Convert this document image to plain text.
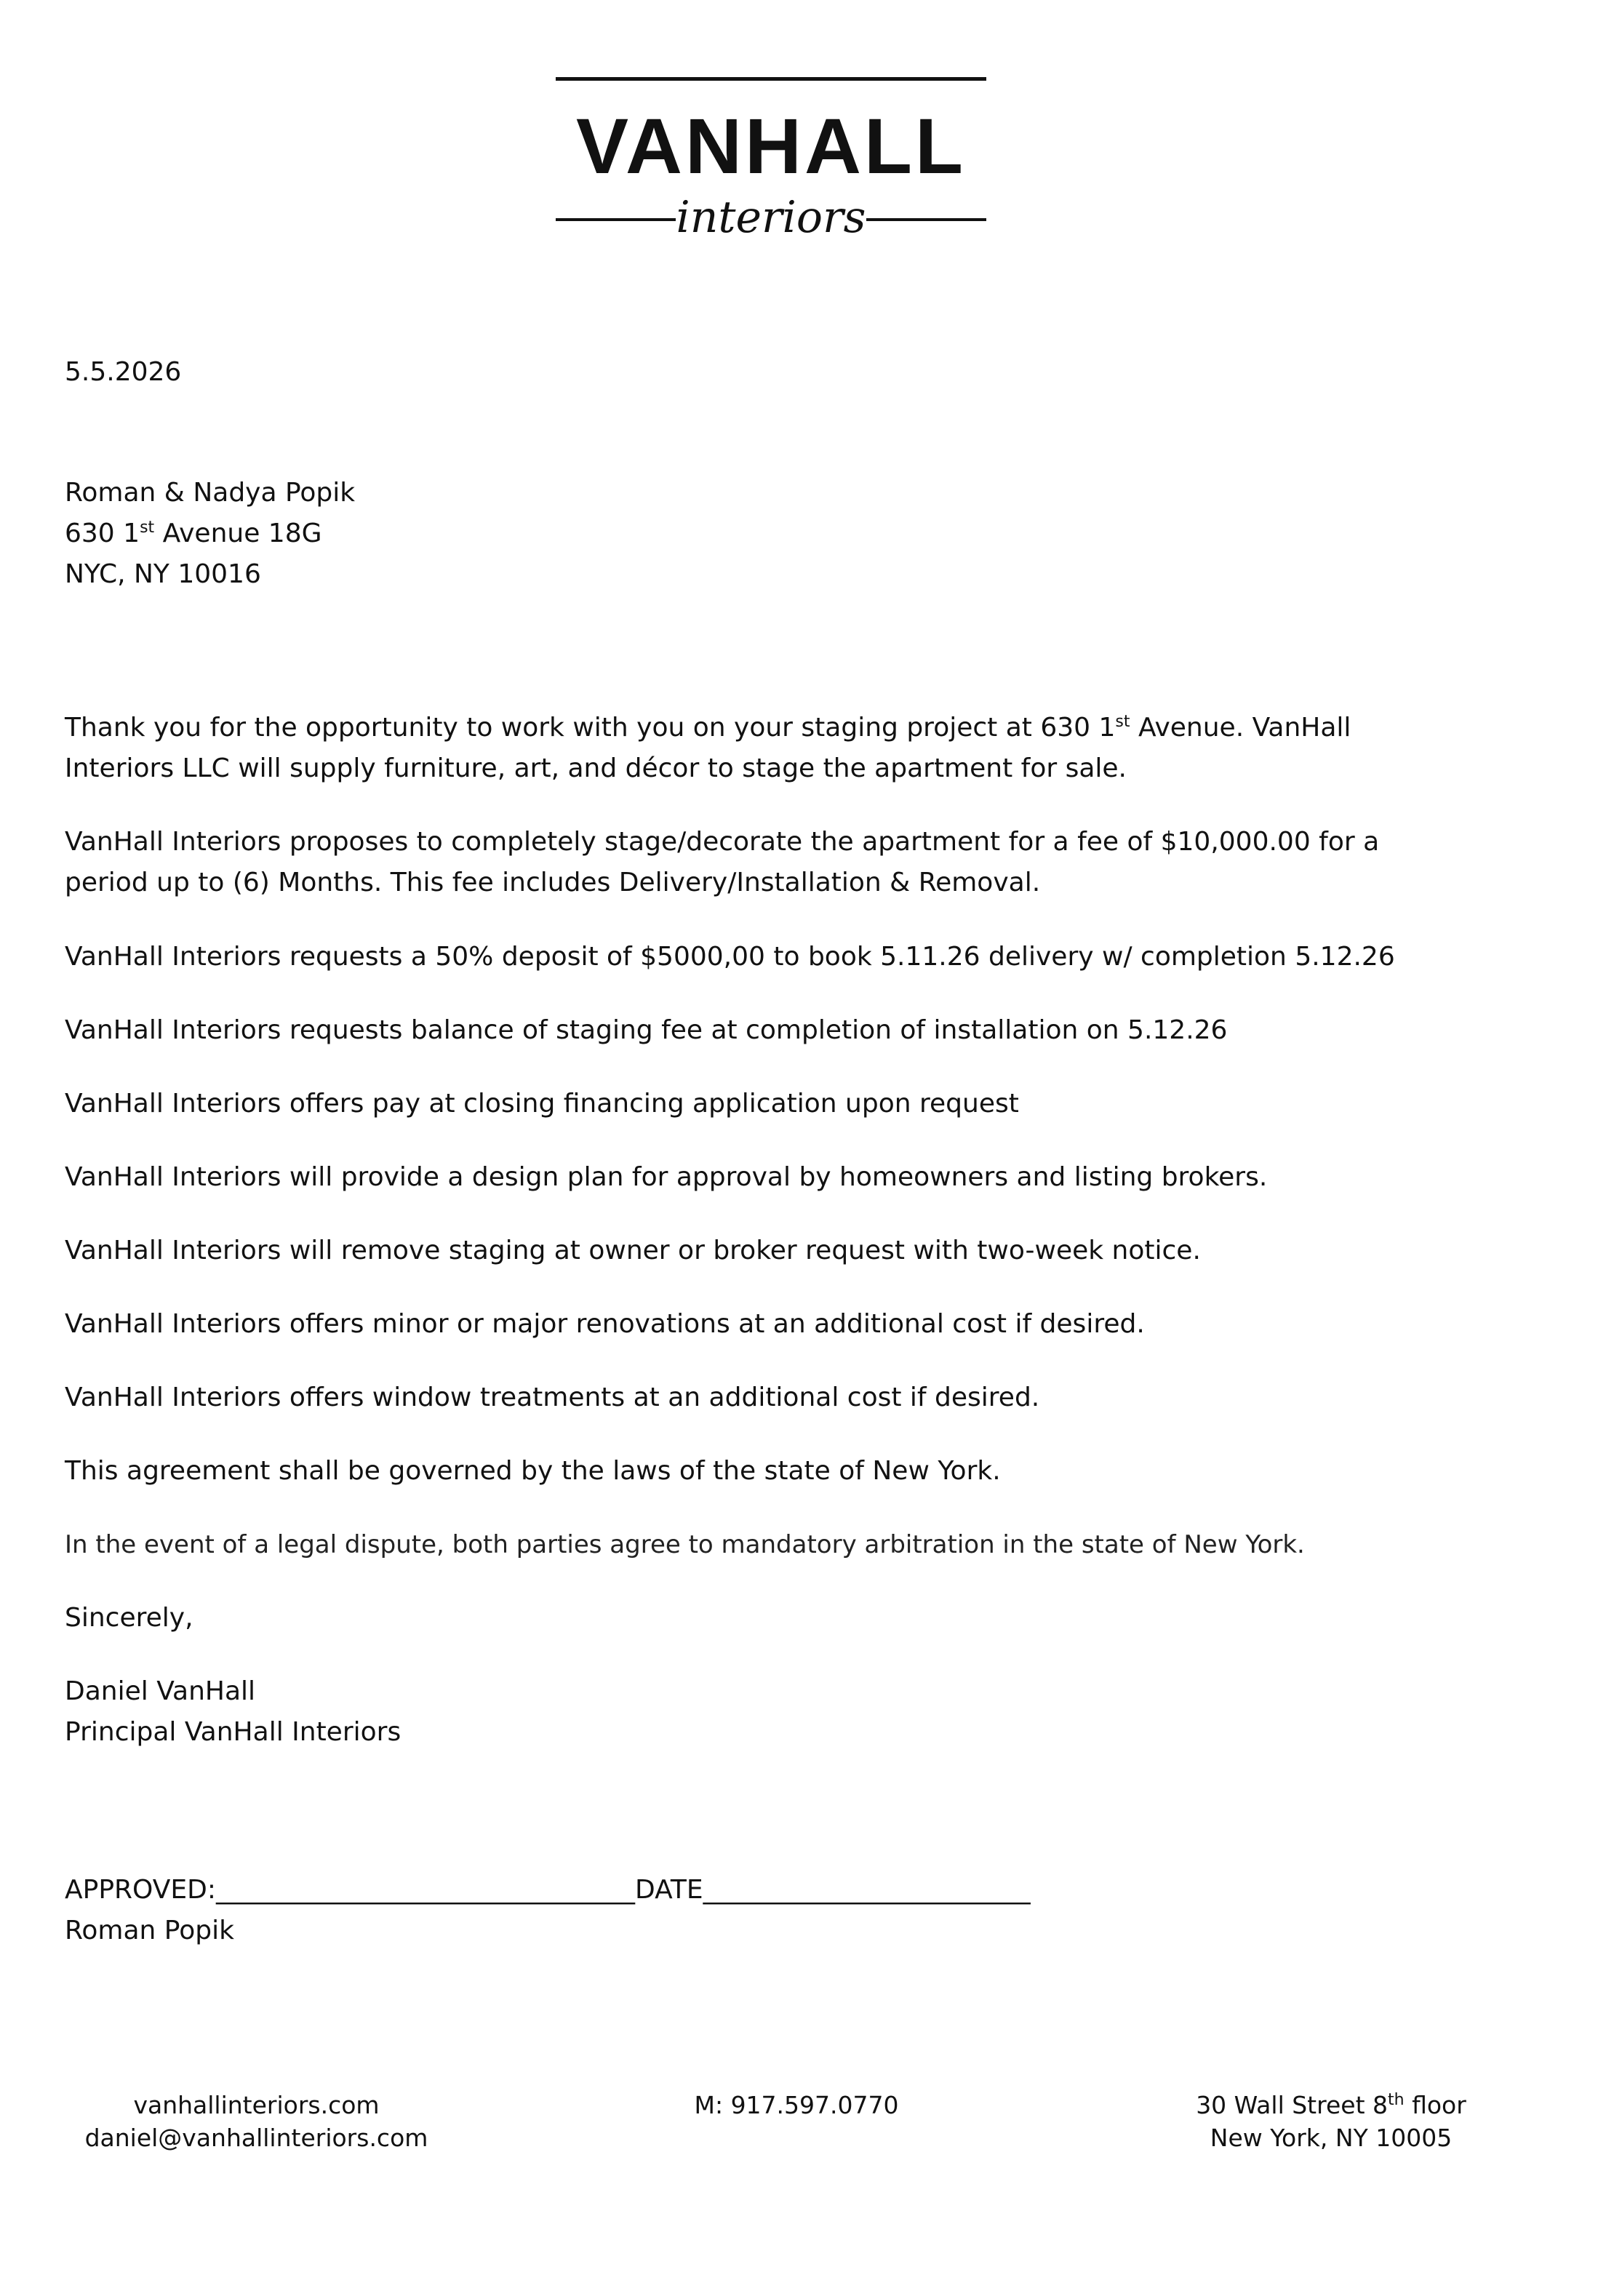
VANHALL
interiors

5.5.2026

Roman & Nadya Popik
630 1st Avenue 18G
NYC, NY 10016

Thank you for the opportunity to work with you on your staging project at 630 1st Avenue. VanHall
Interiors LLC will supply furniture, art, and décor to stage the apartment for sale.

VanHall Interiors proposes to completely stage/decorate the apartment for a fee of $10,000.00 for a
period up to (6) Months. This fee includes Delivery/Installation & Removal.

VanHall Interiors requests a 50% deposit of $5000,00 to book 5.11.26 delivery w/ completion 5.12.26

VanHall Interiors requests balance of staging fee at completion of installation on 5.12.26

VanHall Interiors offers pay at closing financing application upon request

VanHall Interiors will provide a design plan for approval by homeowners and listing brokers.

VanHall Interiors will remove staging at owner or broker request with two-week notice.

VanHall Interiors offers minor or major renovations at an additional cost if desired.

VanHall Interiors offers window treatments at an additional cost if desired.

This agreement shall be governed by the laws of the state of New York.

In the event of a legal dispute, both parties agree to mandatory arbitration in the state of New York.

Sincerely,

Daniel VanHall
Principal VanHall Interiors

APPROVED:________________________________DATE_________________________
Roman Popik
vanhallinteriors.com
daniel@vanhallinteriors.com
M: 917.597.0770	30 Wall Street 8th floor
New York, NY 10005
